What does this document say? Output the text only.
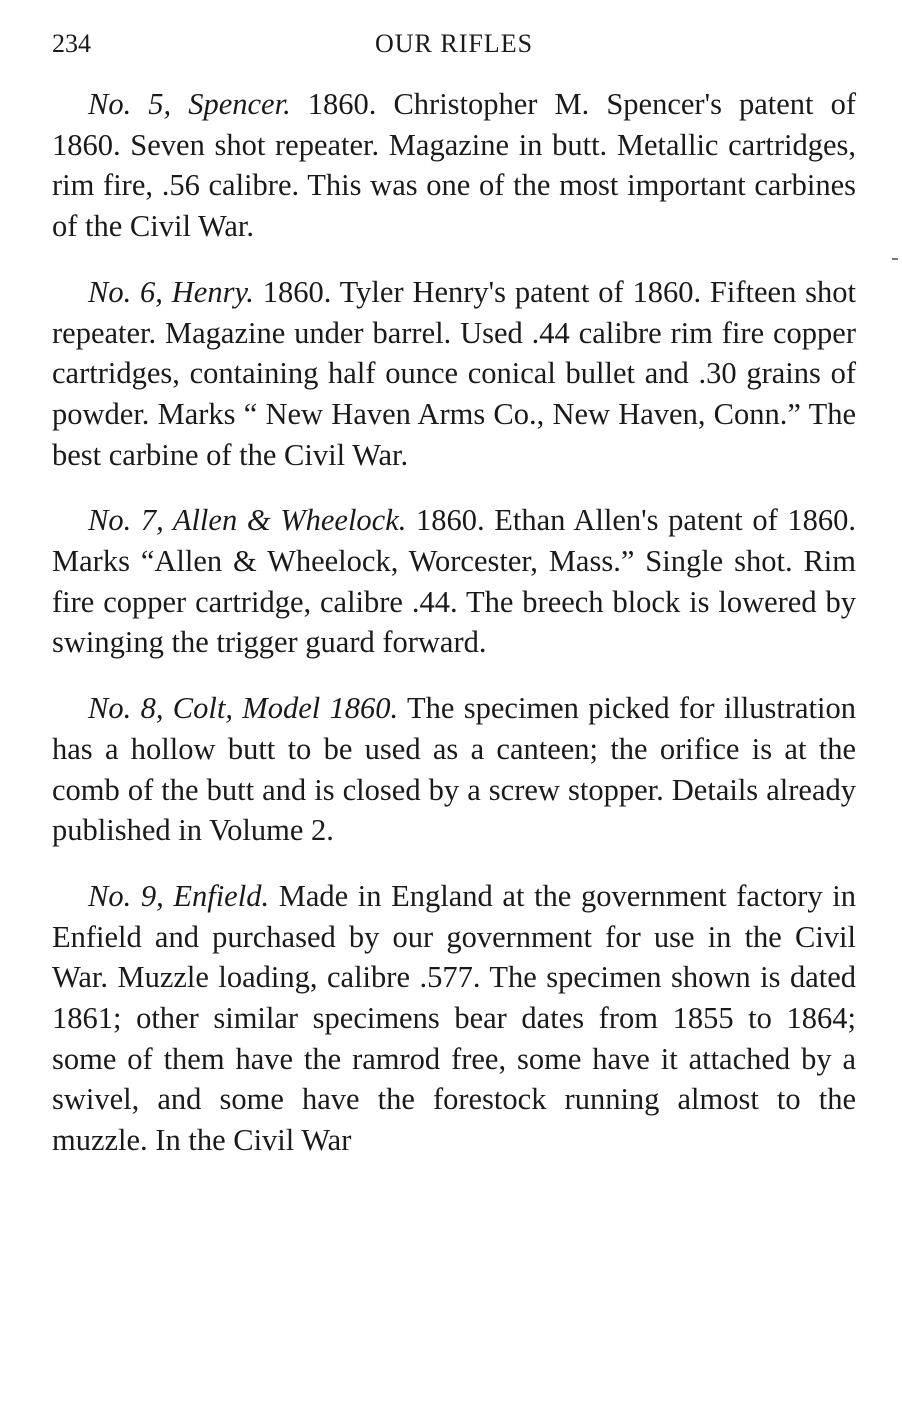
234	OUR RIFLES

No. 5, Spencer. 1860. Christopher M. Spencer's patent of 1860. Seven shot repeater. Magazine in butt. Metallic cartridges, rim fire, .56 calibre. This was one of the most important carbines of the Civil War.

No. 6, Henry. 1860. Tyler Henry's patent of 1860. Fifteen shot repeater. Magazine under barrel. Used .44 calibre rim fire copper cartridges, containing half ounce conical bullet and .30 grains of powder. Marks “ New Haven Arms Co., New Haven, Conn.” The best carbine of the Civil War.

No. 7, Allen & Wheelock. 1860. Ethan Allen's patent of 1860. Marks “Allen & Wheelock, Worcester, Mass.” Single shot. Rim fire copper cartridge, calibre .44. The breech block is lowered by swinging the trigger guard forward.

No. 8, Colt, Model 1860. The specimen picked for illustration has a hollow butt to be used as a canteen; the orifice is at the comb of the butt and is closed by a screw stopper. Details already published in Volume 2.

No. 9, Enfield. Made in England at the government factory in Enfield and purchased by our government for use in the Civil War. Muzzle loading, calibre .577. The specimen shown is dated 1861; other similar specimens bear dates from 1855 to 1864; some of them have the ramrod free, some have it attached by a swivel, and some have the forestock running almost to the muzzle. In the Civil War
